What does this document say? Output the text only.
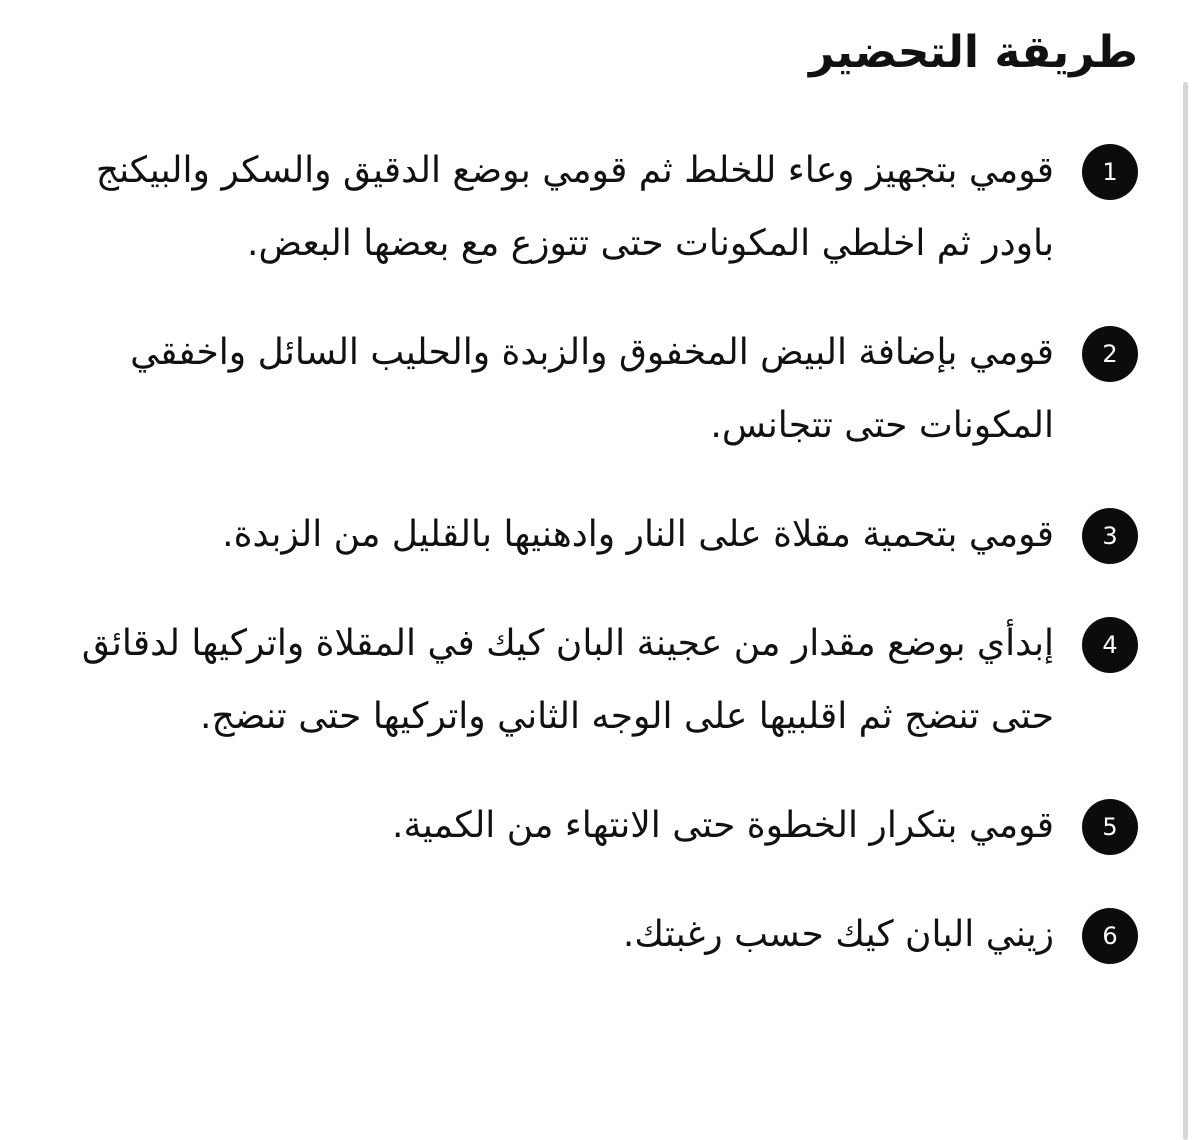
طريقة التحضير
1

قومي بتجهيز وعاء للخلط ثم قومي بوضع الدقيق والسكر والبيكنج باودر ثم اخلطي المكونات حتى تتوزع مع بعضها البعض.

2

قومي بإضافة البيض المخفوق والزبدة والحليب السائل واخفقي المكونات حتى تتجانس.

3

قومي بتحمية مقلاة على النار وادهنيها بالقليل من الزبدة.

4

إبدأي بوضع مقدار من عجينة البان كيك في المقلاة واتركيها لدقائق حتى تنضج ثم اقلبيها على الوجه الثاني واتركيها حتى تنضج.

5

قومي بتكرار الخطوة حتى الانتهاء من الكمية.

6

زيني البان كيك حسب رغبتك.
